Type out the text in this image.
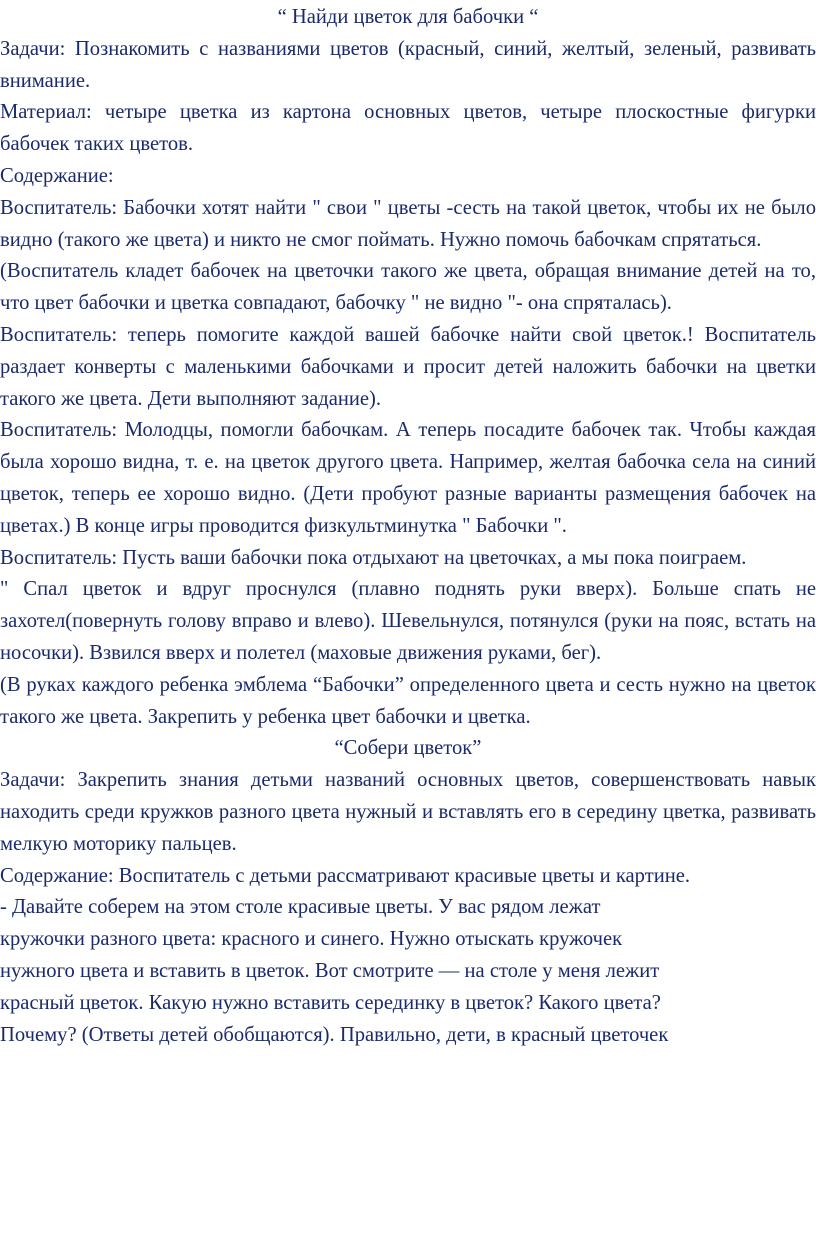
“ Найди цветок для бабочки “

Задачи: Познакомить с названиями цветов (красный, синий, желтый, зеленый, развивать внимание.

Материал: четыре цветка из картона основных цветов, четыре плоскостные фигурки бабочек таких цветов.

Содержание:

Воспитатель: Бабочки хотят найти " свои " цветы -сесть на такой цветок, чтобы их не было видно (такого же цвета) и никто не смог поймать. Нужно помочь бабочкам спрятаться.

(Воспитатель кладет бабочек на цветочки такого же цвета, обращая внимание детей на то, что цвет бабочки и цветка совпадают, бабочку " не видно "- она спряталась).

Воспитатель: теперь помогите каждой вашей бабочке найти свой цветок.! Воспитатель раздает конверты с маленькими бабочками и просит детей наложить бабочки на цветки такого же цвета. Дети выполняют задание).

Воспитатель: Молодцы, помогли бабочкам. А теперь посадите бабочек так. Чтобы каждая была хорошо видна, т. е. на цветок другого цвета. Например, желтая бабочка села на синий цветок, теперь ее хорошо видно. (Дети пробуют разные варианты размещения бабочек на цветах.) В конце игры проводится физкультминутка " Бабочки ".

Воспитатель: Пусть ваши бабочки пока отдыхают на цветочках, а мы пока поиграем.

" Спал цветок и вдруг проснулся (плавно поднять руки вверх). Больше спать не захотел(повернуть голову вправо и влево). Шевельнулся, потянулся (руки на пояс, встать на носочки). Взвился вверх и полетел (маховые движения руками, бег).

(В руках каждого ребенка эмблема “Бабочки” определенного цвета и сесть нужно на цветок такого же цвета. Закрепить у ребенка цвет бабочки и цветка.

“Собери цветок”

Задачи: Закрепить знания детьми названий основных цветов, совершенствовать навык находить среди кружков разного цвета нужный и вставлять его в середину цветка, развивать мелкую моторику пальцев.

Содержание: Воспитатель с детьми рассматривают красивые цветы и картине.

- Давайте соберем на этом столе красивые цветы. У вас рядом лежат

кружочки разного цвета: красного и синего. Нужно отыскать кружочек

нужного цвета и вставить в цветок. Вот смотрите — на столе у меня лежит

красный цветок. Какую нужно вставить серединку в цветок? Какого цвета?

Почему? (Ответы детей обобщаются). Правильно, дети, в красный цветочек
